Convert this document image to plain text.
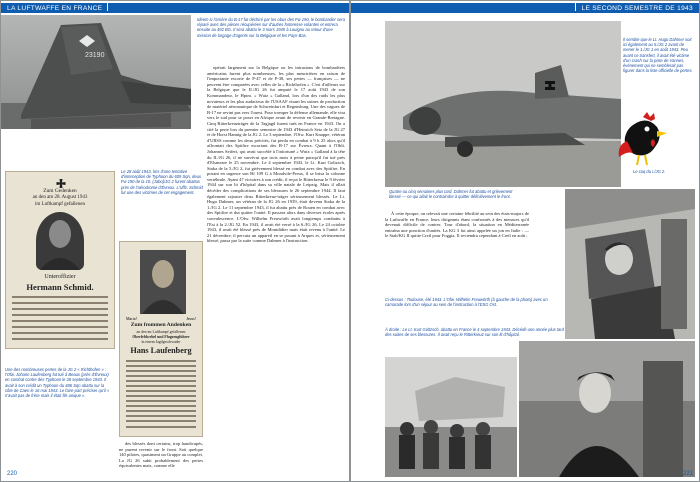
LA LUFTWAFFE EN FRANCE
23190
Idéem si l'arrière du B-17 fut déchiré par les obus des Fw 190, le bombardier sera réparé avec des pièces récupérées sur d'autres forteresse volantes et entrera ensuite au 492 BG. Il sera abattu le 3 mars 1945 à Louignu au retour d'une mission de largage d'agents sur la Belgique et les Pays-Bas.
Zum Gedenken
an den am 28. August 1943
im Luftkampf gefallenen
Unteroffizier
Hermann Schmid.
Maria!	Jesus!
Zum frommen Andenken
an den im Luftkampf gefallenen
Oberfeldwebel und Flugzeugführer
in einem Jagdgeschwader
Hans Laufenberg
Le 28 août 1943, lors d'une tentative d'interception de Typhoon du 609 Sqn, deux Fw 190 de la 10. (Jabo)/JG 2 furent abattus près de l'aérodrome d'Évreux. L'Uffz. Schmid fut une des victimes de cet engagement.
Une des nombreuses pertes de la JG 2 « Richthofen » : l'Ofw. Johann Laufenberg fut tué à Beaux (près d'Évreux) en combat contre des Typhoon le 28 septembre 1943. Il avait à son crédit un Typhoon du 486 Sqn abattu sur la côte de Caen le 16 mai 1943. Le faire-part préciser qu'il « n'avait pas de frère mais il était fils unique ».

des blessés dont certains, trop handicapés, ne purent revenir sur le front. Soit quelque 140 pilotes, quasiment un Gruppe au complet. La JG 26 subit probablement des pertes équivalentes mais, comme elle

opérait largement sur la Belgique ou les intrusions de bombardiers américains furent plus nombreuses, les plus meurtrières en raison de l'importante escorte de P-47 et de P-38, ses pertes — françaises — ne peuvent être comparées avec celles de la « Richthofen ». C'est d'ailleurs sur la Belgique que le II./JG 26 fut amputé le 17 août 1943 de son Kommandeur, le Hptm. « Wutz » Galland, lors d'un des raids les plus novateurs et les plus audacieux de l'USAAF visant les usines de production de matériel aéronautique de Schweinfurt et Regensburg. Une des vagues de B-17 ne revint pas vers l'ouest. Pour tromper la défense allemande, elle vira vers le sud pour se poser en Afrique avant de revenir en Grande-Bretagne. Cinq Ritterkreuzträger de la Tagjagd furent tués en France en 1943. On a cité la perte lors du premier semestre de 1943 d'Heinrich Setz de la JG 27 et de Horst Hannig de la JG 2. Le 3 septembre, l'Ofw. Kurt Knappe, vétéran d'URSS comme les deux précités, fut perdu en combat à 9 h 25 alors qu'il affrontait des Spitfire escortant des B-17 sur Évreux. Quant à l'Oblt. Johannes Seifert, qui avait succédé à l'infortuné « Wutz » Galland à la tête du II./JG 26, il ne survécut que trois mois à peine puisqu'il fut tué près d'Elsmeare le 25 novembre. Le 4 septembre 1943, le Lt. Kurt Goltzsch, Staka de la 5./JG 2, fut grièvement blessé en combat avec des Spitfire. En posant en urgence son Bf 109 G à Mondvile-Preux, il se brisa la colonne vertébrale. Ayant 47 victoires à son crédit, il reçut le Ritterkreuz le 9 février 1944 sur son lit d'hôpital dans sa ville natale de Leipzig. Mais il allait décéder des complications de ses blessures le 26 septembre 1944. Il faut également rajouter deux Ritterkreuz-träger sérieusement blessés. Le Lt. Hugo Dahmer, un vétéran de la JG 26 en 1939, était devenu Staka de la 1./JG 2. Le 11 septembre 1943, il fut abattu près de Rouen en combat avec des Spitfire et dut quitter l'unité. Il passera alors dans diverses écoles après convalescence. L'Ofw. Wilhelm Freuwörth avait longtemps combattu à l'Est à la 2./JG 52. En 1943, il avait été versé à la 6./JG 26. Le 24 octobre 1943, il avait été blessé près de Montdidier mais était revenu à l'unité. Le 21 décembre, il percuta un appareil en se posant à Arques et, sérieusement blessé, passa par la suite comme Dahmer à l'instruction.

220
LE SECOND SEMESTRE DE 1943
Il semble que le Lt. Hugo Dahmer soit ici également au 5./JG 2 avant de mener le 1./JG 1 en août 1943. Peu avant ce transfert, il avait été victime d'un crash sur la piste de Vannes, événement qui ne semblerait pas figurer dans la liste officielle de pertes.
Le coq du I./JG 2.
Quatre ou cinq semaines plus tard, Dahmer fut abattu et grièvement blessé — ce qui allait le contraindre à quitter définitivement le front.

À cette époque, on relevait une certaine fébrilité au sein des états-majors de la Luftwaffe en France, leurs dirigeants étant confrontés à des menaces qu'il devenait difficile de contrer. Tour d'abord, la situation en Méditerranée entraîna une ponction d'unités. La KG 3 fut ainsi appelée un jon en Italie : — le Stab/KG II quitte Creil pour Foggia. Il reviendra cependant à Creil en août ;

Ci-dessus : Toulouse, été 1943. L'Ofw. Wilhelm Freuwörth (à gauche de la photo) avec un camarade lors d'un séjour au sein de l'instruction à l'ESG Ost.
À droite : Le Lt. Kurt Goltzsch, abattu en France le 4 septembre 1943. Décédé une année plus tard des suites de ses blessures. Il avait reçu le Ritterkreuz sur son lit d'hôpital.
221
